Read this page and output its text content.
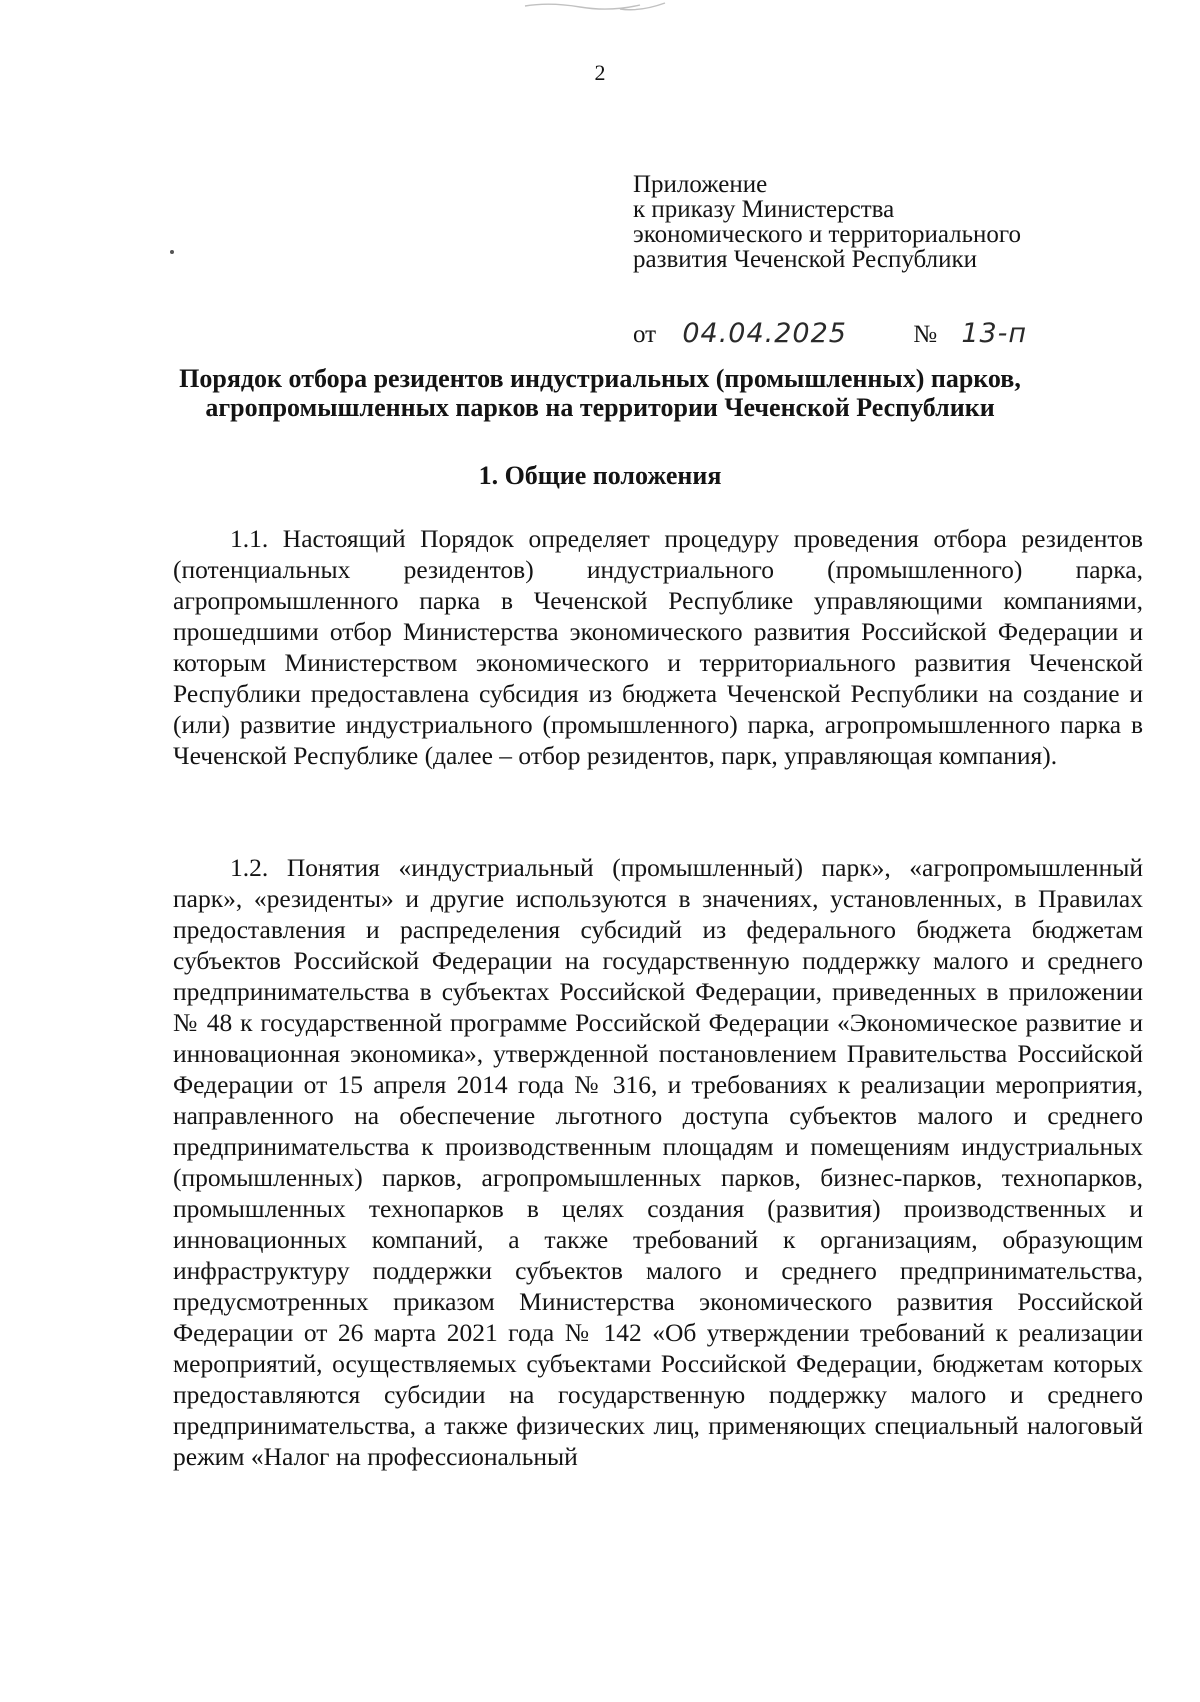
2
Приложение
к приказу Министерства
экономического и территориального
развития Чеченской Республики
от 04.04.2025	№ 13-п
Порядок отбора резидентов индустриальных (промышленных) парков,
агропромышленных парков на территории Чеченской Республики
1. Общие положения

1.1. Настоящий Порядок определяет процедуру проведения отбора резидентов (потенциальных резидентов) индустриального (промышленного) парка, агропромышленного парка в Чеченской Республике управляющими компаниями, прошедшими отбор Министерства экономического развития Российской Федерации и которым Министерством экономического и территориального развития Чеченской Республики предоставлена субсидия из бюджета Чеченской Республики на создание и (или) развитие индустриального (промышленного) парка, агропромышленного парка в Чеченской Республике (далее – отбор резидентов, парк, управляющая компания).

1.2. Понятия «индустриальный (промышленный) парк», «агропромышленный парк», «резиденты» и другие используются в значениях, установленных, в Правилах предоставления и распределения субсидий из федерального бюджета бюджетам субъектов Российской Федерации на государственную поддержку малого и среднего предпринимательства в субъектах Российской Федерации, приведенных в приложении № 48 к государственной программе Российской Федерации «Экономическое развитие и инновационная экономика», утвержденной постановлением Правительства Российской Федерации от 15 апреля 2014 года № 316, и требованиях к реализации мероприятия, направленного на обеспечение льготного доступа субъектов малого и среднего предпринимательства к производственным площадям и помещениям индустриальных (промышленных) парков, агропромышленных парков, бизнес-парков, технопарков, промышленных технопарков в целях создания (развития) производственных и инновационных компаний, а также требований к организациям, образующим инфраструктуру поддержки субъектов малого и среднего предпринимательства, предусмотренных приказом Министерства экономического развития Российской Федерации от 26 марта 2021 года № 142 «Об утверждении требований к реализации мероприятий, осуществляемых субъектами Российской Федерации, бюджетам которых предоставляются субсидии на государственную поддержку малого и среднего предпринимательства, а также физических лиц, применяющих специальный налоговый режим «Налог на профессиональный
